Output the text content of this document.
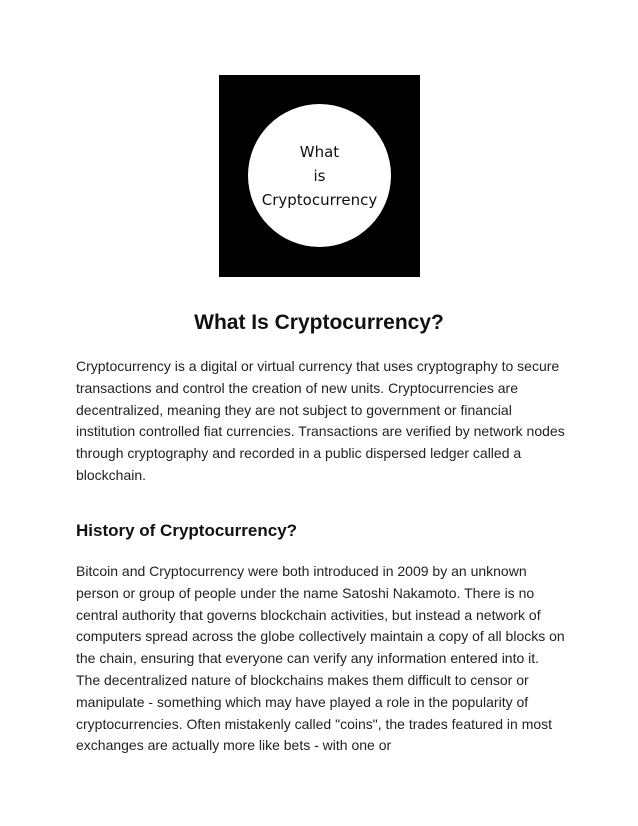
What
is
Cryptocurrency
What Is Cryptocurrency?

Cryptocurrency is a digital or virtual currency that uses cryptography to secure transactions and control the creation of new units. Cryptocurrencies are decentralized, meaning they are not subject to government or financial institution controlled fiat currencies. Transactions are verified by network nodes through cryptography and recorded in a public dispersed ledger called a blockchain.

History of Cryptocurrency?

Bitcoin and Cryptocurrency were both introduced in 2009 by an unknown person or group of people under the name Satoshi Nakamoto. There is no central authority that governs blockchain activities, but instead a network of computers spread across the globe collectively maintain a copy of all blocks on the chain, ensuring that everyone can verify any information entered into it. The decentralized nature of blockchains makes them difficult to censor or manipulate - something which may have played a role in the popularity of cryptocurrencies. Often mistakenly called "coins", the trades featured in most exchanges are actually more like bets - with one or
